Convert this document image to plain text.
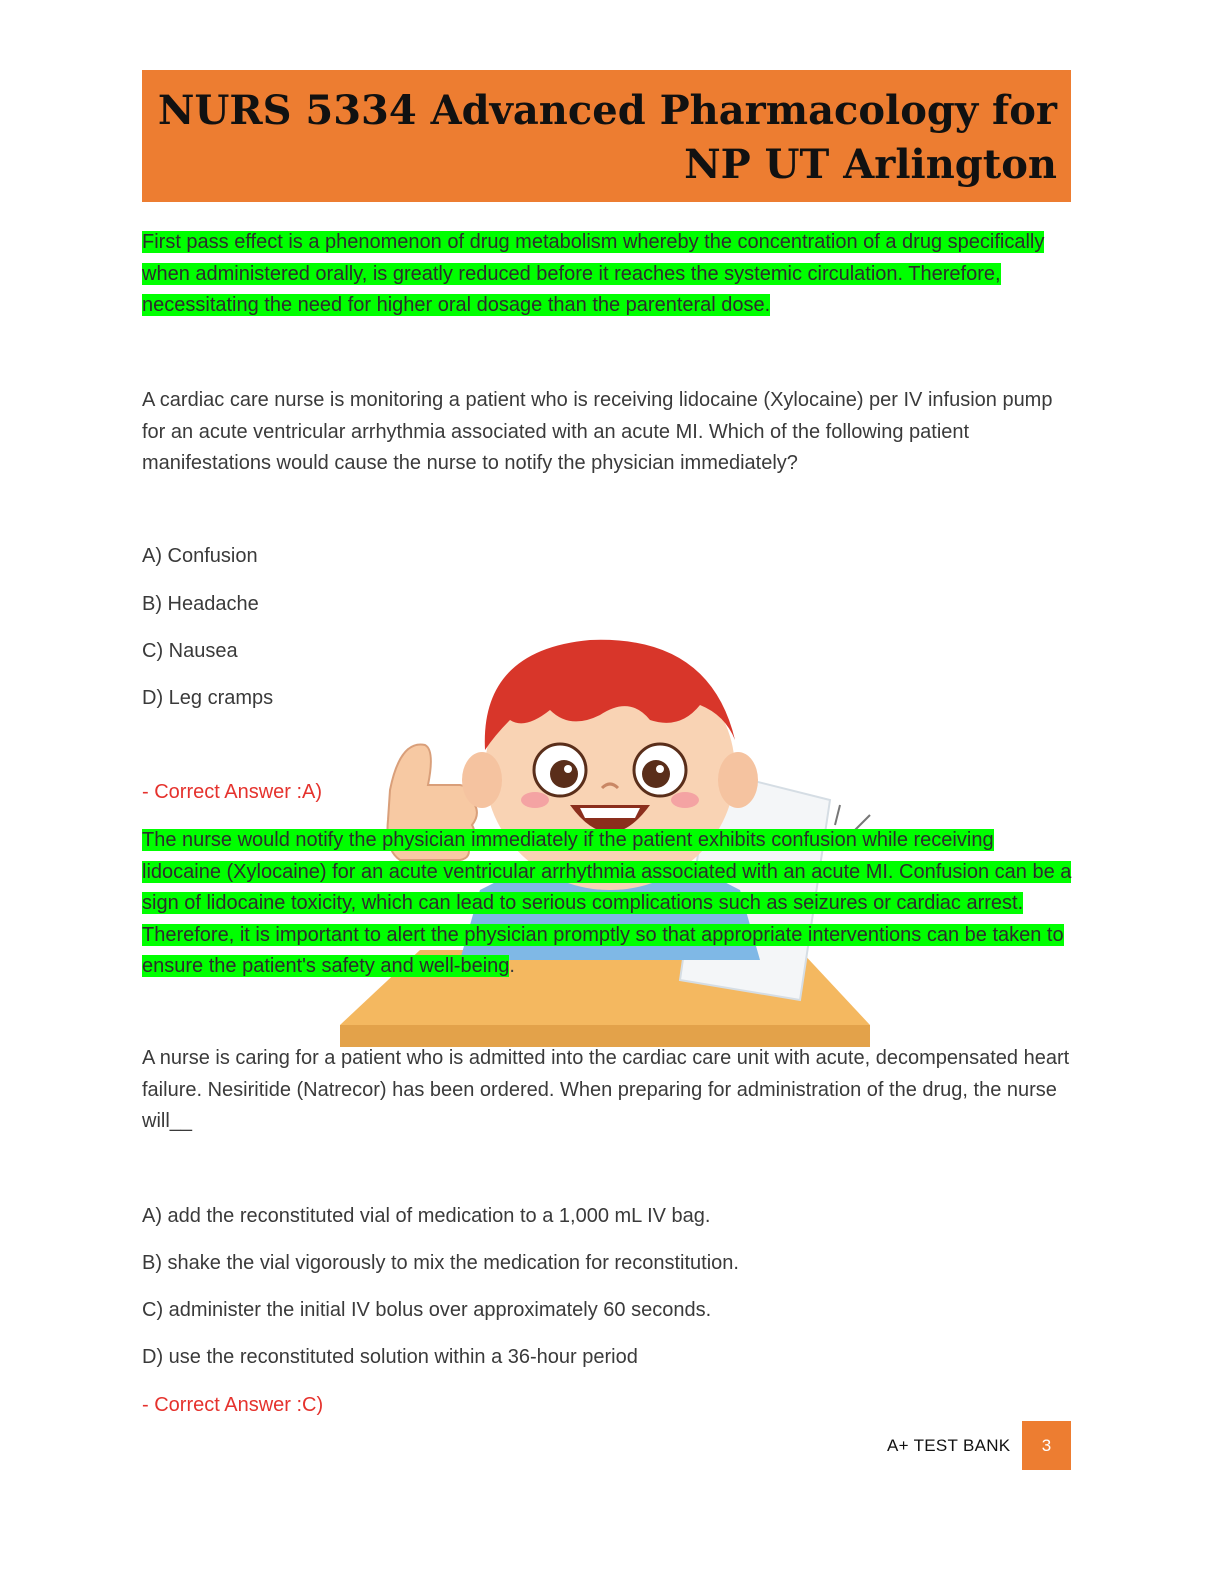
NURS 5334 Advanced Pharmacology for
NP UT Arlington
First pass effect is a phenomenon of drug metabolism whereby the concentration of a drug specifically when administered orally, is greatly reduced before it reaches the systemic circulation. Therefore, necessitating the need for higher oral dosage than the parenteral dose.
A cardiac care nurse is monitoring a patient who is receiving lidocaine (Xylocaine) per IV infusion pump for an acute ventricular arrhythmia associated with an acute MI. Which of the following patient manifestations would cause the nurse to notify the physician immediately?
A) Confusion
B) Headache
C) Nausea
D) Leg cramps
- Correct Answer :A)
The nurse would notify the physician immediately if the patient exhibits confusion while receiving lidocaine (Xylocaine) for an acute ventricular arrhythmia associated with an acute MI. Confusion can be a sign of lidocaine toxicity, which can lead to serious complications such as seizures or cardiac arrest. Therefore, it is important to alert the physician promptly so that appropriate interventions can be taken to ensure the patient's safety and well-being.
A nurse is caring for a patient who is admitted into the cardiac care unit with acute, decompensated heart failure. Nesiritide (Natrecor) has been ordered. When preparing for administration of the drug, the nurse will__
A) add the reconstituted vial of medication to a 1,000 mL IV bag.
B) shake the vial vigorously to mix the medication for reconstitution.
C) administer the initial IV bolus over approximately 60 seconds.
D) use the reconstituted solution within a 36-hour period
- Correct Answer :C)
A+ TEST BANK	3
